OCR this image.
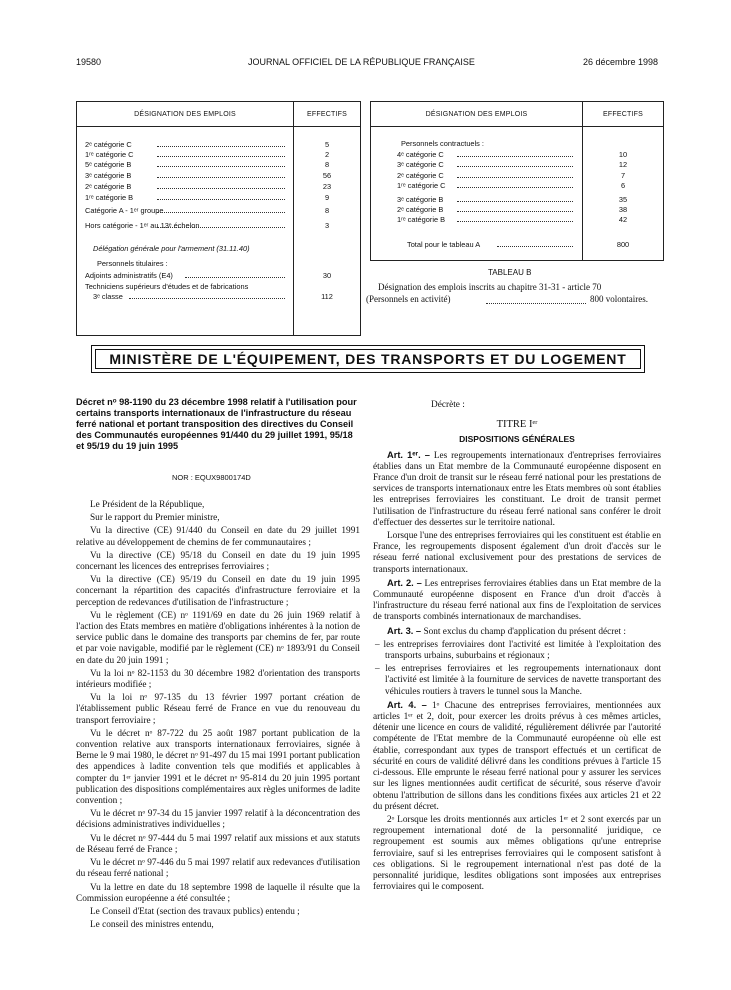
19580	JOURNAL OFFICIEL DE LA RÉPUBLIQUE FRANÇAISE	26 décembre 1998
DÉSIGNATION DES EMPLOIS	EFFECTIFS
2ᵉ catégorie C	5
1ʳᵉ catégorie C	2
5ᵉ catégorie B	8
3ᵉ catégorie B	56
2ᵉ catégorie B	23
1ʳᵉ catégorie B	9
Catégorie A - 1ᵉʳ groupe	8
Hors catégorie - 1ᵉʳ au 13ᵉ échelon	3
Délégation générale pour l'armement (31.11.40)
Personnels titulaires :
Adjoints administratifs (E4)	30
Techniciens supérieurs d'études et de fabrications
3ᵉ classe	112
DÉSIGNATION DES EMPLOIS	EFFECTIFS
Personnels contractuels :
4ᵉ catégorie C	10
3ᵉ catégorie C	12
2ᵉ catégorie C	7
1ʳᵉ catégorie C	6
3ᵉ catégorie B	35
2ᵉ catégorie B	38
1ʳᵉ catégorie B	42
Total pour le tableau A	800
TABLEAU B
Désignation des emplois inscrits au chapitre 31-31 - article 70
(Personnels en activité)	800 volontaires.
MINISTÈRE DE L'ÉQUIPEMENT, DES TRANSPORTS ET DU LOGEMENT
Décret nᵒ 98-1190 du 23 décembre 1998 relatif à l'utilisation pour certains transports internationaux de l'infrastructure du réseau ferré national et portant transposition des directives du Conseil des Communautés européennes 91/440 du 29 juillet 1991, 95/18 et 95/19 du 19 juin 1995
NOR : EQUX9800174D

Le Président de la République,

Sur le rapport du Premier ministre,

Vu la directive (CE) 91/440 du Conseil en date du 29 juillet 1991 relative au développement de chemins de fer communautaires ;

Vu la directive (CE) 95/18 du Conseil en date du 19 juin 1995 concernant les licences des entreprises ferroviaires ;

Vu la directive (CE) 95/19 du Conseil en date du 19 juin 1995 concernant la répartition des capacités d'infrastructure ferroviaire et la perception de redevances d'utilisation de l'infrastructure ;

Vu le règlement (CE) nᵒ 1191/69 en date du 26 juin 1969 relatif à l'action des Etats membres en matière d'obligations inhérentes à la notion de service public dans le domaine des transports par chemins de fer, par route et par voie navigable, modifié par le règlement (CE) nᵒ 1893/91 du Conseil en date du 20 juin 1991 ;

Vu la loi nᵒ 82-1153 du 30 décembre 1982 d'orientation des transports intérieurs modifiée ;

Vu la loi nᵒ 97-135 du 13 février 1997 portant création de l'établissement public Réseau ferré de France en vue du renouveau du transport ferroviaire ;

Vu le décret nᵒ 87-722 du 25 août 1987 portant publication de la convention relative aux transports internationaux ferroviaires, signée à Berne le 9 mai 1980, le décret nᵒ 91-497 du 15 mai 1991 portant publication des appendices à ladite convention tels que modifiés et applicables à compter du 1ᵉʳ janvier 1991 et le décret nᵒ 95-814 du 20 juin 1995 portant publication des dispositions complémentaires aux règles uniformes de ladite convention ;

Vu le décret nᵒ 97-34 du 15 janvier 1997 relatif à la déconcentration des décisions administratives individuelles ;

Vu le décret nᵒ 97-444 du 5 mai 1997 relatif aux missions et aux statuts de Réseau ferré de France ;

Vu le décret nᵒ 97-446 du 5 mai 1997 relatif aux redevances d'utilisation du réseau ferré national ;

Vu la lettre en date du 18 septembre 1998 de laquelle il résulte que la Commission européenne a été consultée ;

Le Conseil d'Etat (section des travaux publics) entendu ;

Le conseil des ministres entendu,

Décrète :

TITRE Iᵉʳ

DISPOSITIONS GÉNÉRALES

Art. 1ᵉʳ. – Les regroupements internationaux d'entreprises ferroviaires établies dans un Etat membre de la Communauté européenne disposent en France d'un droit de transit sur le réseau ferré national pour les prestations de services de transports internationaux entre les Etats membres où sont établies les entreprises ferroviaires les constituant. Le droit de transit permet l'utilisation de l'infrastructure du réseau ferré national sans conférer le droit d'effectuer des dessertes sur le territoire national.

Lorsque l'une des entreprises ferroviaires qui les constituent est établie en France, les regroupements disposent également d'un droit d'accès sur le réseau ferré national exclusivement pour des prestations de services de transports internationaux.

Art. 2. – Les entreprises ferroviaires établies dans un Etat membre de la Communauté européenne disposent en France d'un droit d'accès à l'infrastructure du réseau ferré national aux fins de l'exploitation de services de transports combinés internationaux de marchandises.

Art. 3. – Sont exclus du champ d'application du présent décret :

– les entreprises ferroviaires dont l'activité est limitée à l'exploitation des transports urbains, suburbains et régionaux ;

– les entreprises ferroviaires et les regroupements internationaux dont l'activité est limitée à la fourniture de services de navette transportant des véhicules routiers à travers le tunnel sous la Manche.

Art. 4. – 1ᵒ Chacune des entreprises ferroviaires, mentionnées aux articles 1ᵉʳ et 2, doit, pour exercer les droits prévus à ces mêmes articles, détenir une licence en cours de validité, régulièrement délivrée par l'autorité compétente de l'Etat membre de la Communauté européenne où elle est établie, correspondant aux types de transport effectués et un certificat de sécurité en cours de validité délivré dans les conditions prévues à l'article 15 ci-dessous. Elle emprunte le réseau ferré national pour y assurer les services sur les lignes mentionnées audit certificat de sécurité, sous réserve d'avoir obtenu l'attribution de sillons dans les conditions fixées aux articles 21 et 22 du présent décret.

2ᵒ Lorsque les droits mentionnés aux articles 1ᵉʳ et 2 sont exercés par un regroupement international doté de la personnalité juridique, ce regroupement est soumis aux mêmes obligations qu'une entreprise ferroviaire, sauf si les entreprises ferroviaires qui le composent satisfont à ces obligations. Si le regroupement international n'est pas doté de la personnalité juridique, lesdites obligations sont imposées aux entreprises ferroviaires qui le composent.
